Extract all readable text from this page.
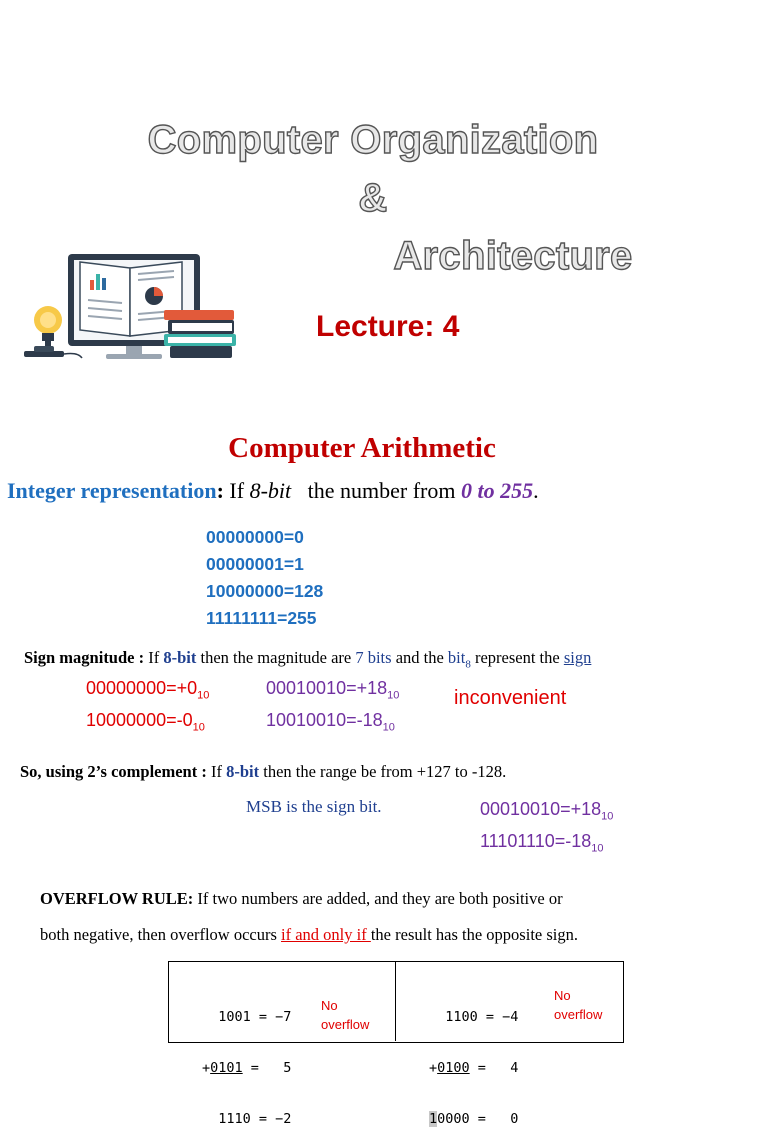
Computer Organization
&
Architecture
Lecture: 4
Computer Arithmetic
Integer representation: If 8-bit   the number from 0 to 255.
00000000=0
00000001=1
10000000=128
11111111=255
Sign magnitude : If 8-bit then the magnitude are 7 bits and the bit$_8$ represent the sign
$00000000=+0_{10}$
$10000000=-0_{10}$
$00010010=+18_{10}$
$10010010=-18_{10}$
inconvenient
So, using 2’s complement : If 8-bit then the range be from +127 to -128.
MSB is the sign bit.	$00010010=+18_{10}$
$11101110=-18_{10}$
OVERFLOW RULE: If two numbers are added, and they are both positive or
both negative, then overflow occurs if and only if the result has the opposite sign.

1001 = −7

+0101 =   5

1110 = −2

No overflow

	1100 = −4

+0100 =   4

10000 =   0

No overflow
